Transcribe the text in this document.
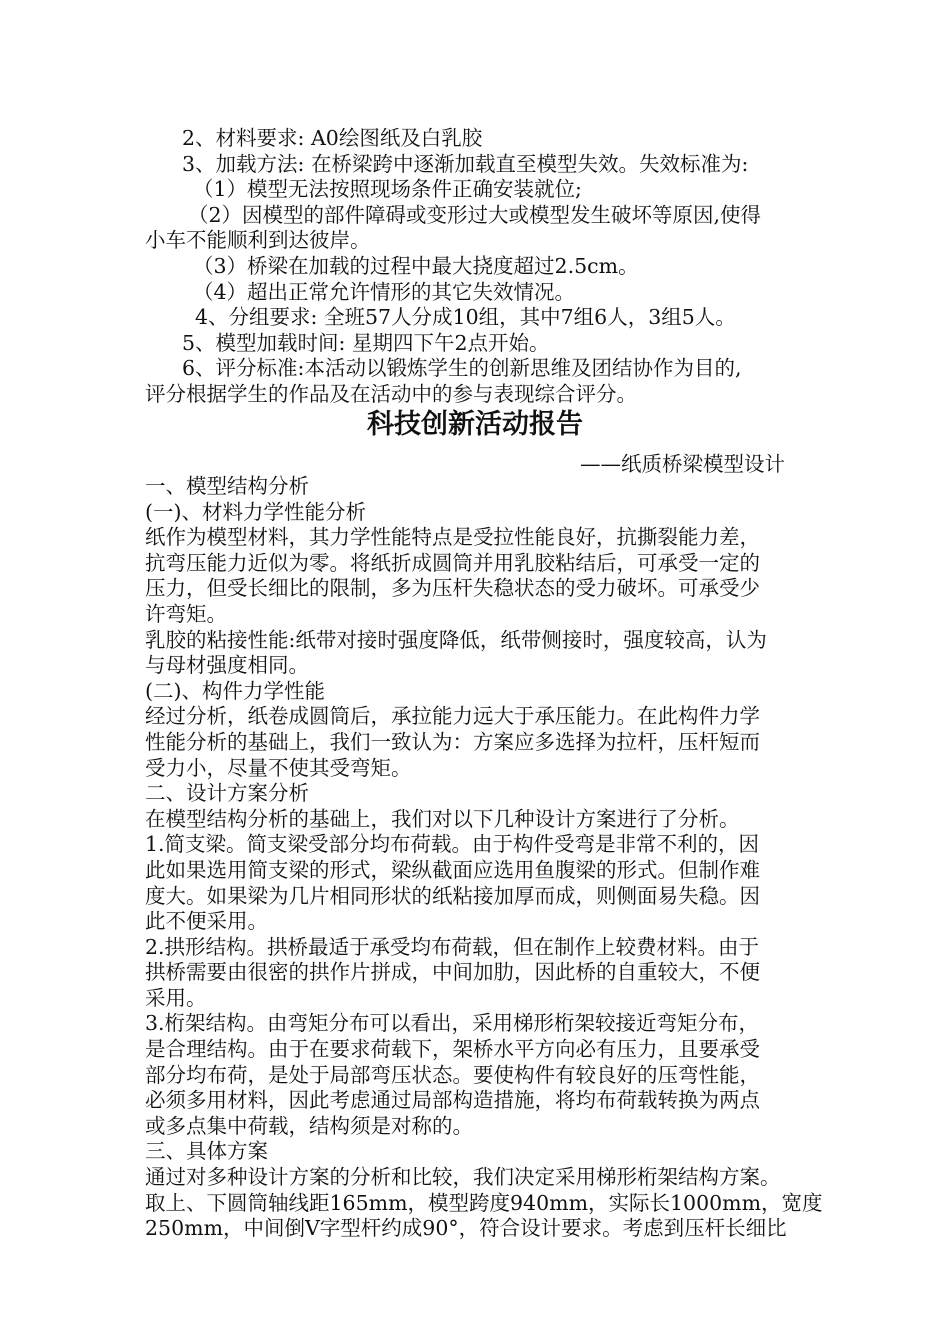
2、材料要求: A0绘图纸及白乳胶

3、加载方法: 在桥梁跨中逐渐加载直至模型失效。失效标准为:

（1）模型无法按照现场条件正确安装就位;

（2）因模型的部件障碍或变形过大或模型发生破坏等原因,使得

小车不能顺利到达彼岸。

（3）桥梁在加载的过程中最大挠度超过2.5cm。

（4）超出正常允许情形的其它失效情况。

4、分组要求: 全班57人分成10组，其中7组6人，3组5人。

5、模型加载时间: 星期四下午2点开始。

6、评分标准:本活动以锻炼学生的创新思维及团结协作为目的,

评分根据学生的作品及在活动中的参与表现综合评分。

科技创新活动报告

——纸质桥梁模型设计

一、模型结构分析

(一)、材料力学性能分析

纸作为模型材料，其力学性能特点是受拉性能良好，抗撕裂能力差，

抗弯压能力近似为零。将纸折成圆筒并用乳胶粘结后，可承受一定的

压力，但受长细比的限制，多为压杆失稳状态的受力破坏。可承受少

许弯矩。

乳胶的粘接性能:纸带对接时强度降低，纸带侧接时，强度较高，认为

与母材强度相同。

(二)、构件力学性能

经过分析，纸卷成圆筒后，承拉能力远大于承压能力。在此构件力学

性能分析的基础上，我们一致认为：方案应多选择为拉杆，压杆短而

受力小，尽量不使其受弯矩。

二、设计方案分析

在模型结构分析的基础上，我们对以下几种设计方案进行了分析。

1.简支梁。简支梁受部分均布荷载。由于构件受弯是非常不利的，因

此如果选用简支梁的形式，梁纵截面应选用鱼腹梁的形式。但制作难

度大。如果梁为几片相同形状的纸粘接加厚而成，则侧面易失稳。因

此不便采用。

2.拱形结构。拱桥最适于承受均布荷载，但在制作上较费材料。由于

拱桥需要由很密的拱作片拼成，中间加肋，因此桥的自重较大，不便

采用。

3.桁架结构。由弯矩分布可以看出，采用梯形桁架较接近弯矩分布，

是合理结构。由于在要求荷载下，架桥水平方向必有压力，且要承受

部分均布荷，是处于局部弯压状态。要使构件有较良好的压弯性能，

必须多用材料，因此考虑通过局部构造措施，将均布荷载转换为两点

或多点集中荷载，结构须是对称的。

三、具体方案

通过对多种设计方案的分析和比较，我们决定采用梯形桁架结构方案。

取上、下圆筒轴线距165mm，模型跨度940mm，实际长1000mm，宽度

250mm，中间倒Ⅴ字型杆约成90°，符合设计要求。考虑到压杆长细比
